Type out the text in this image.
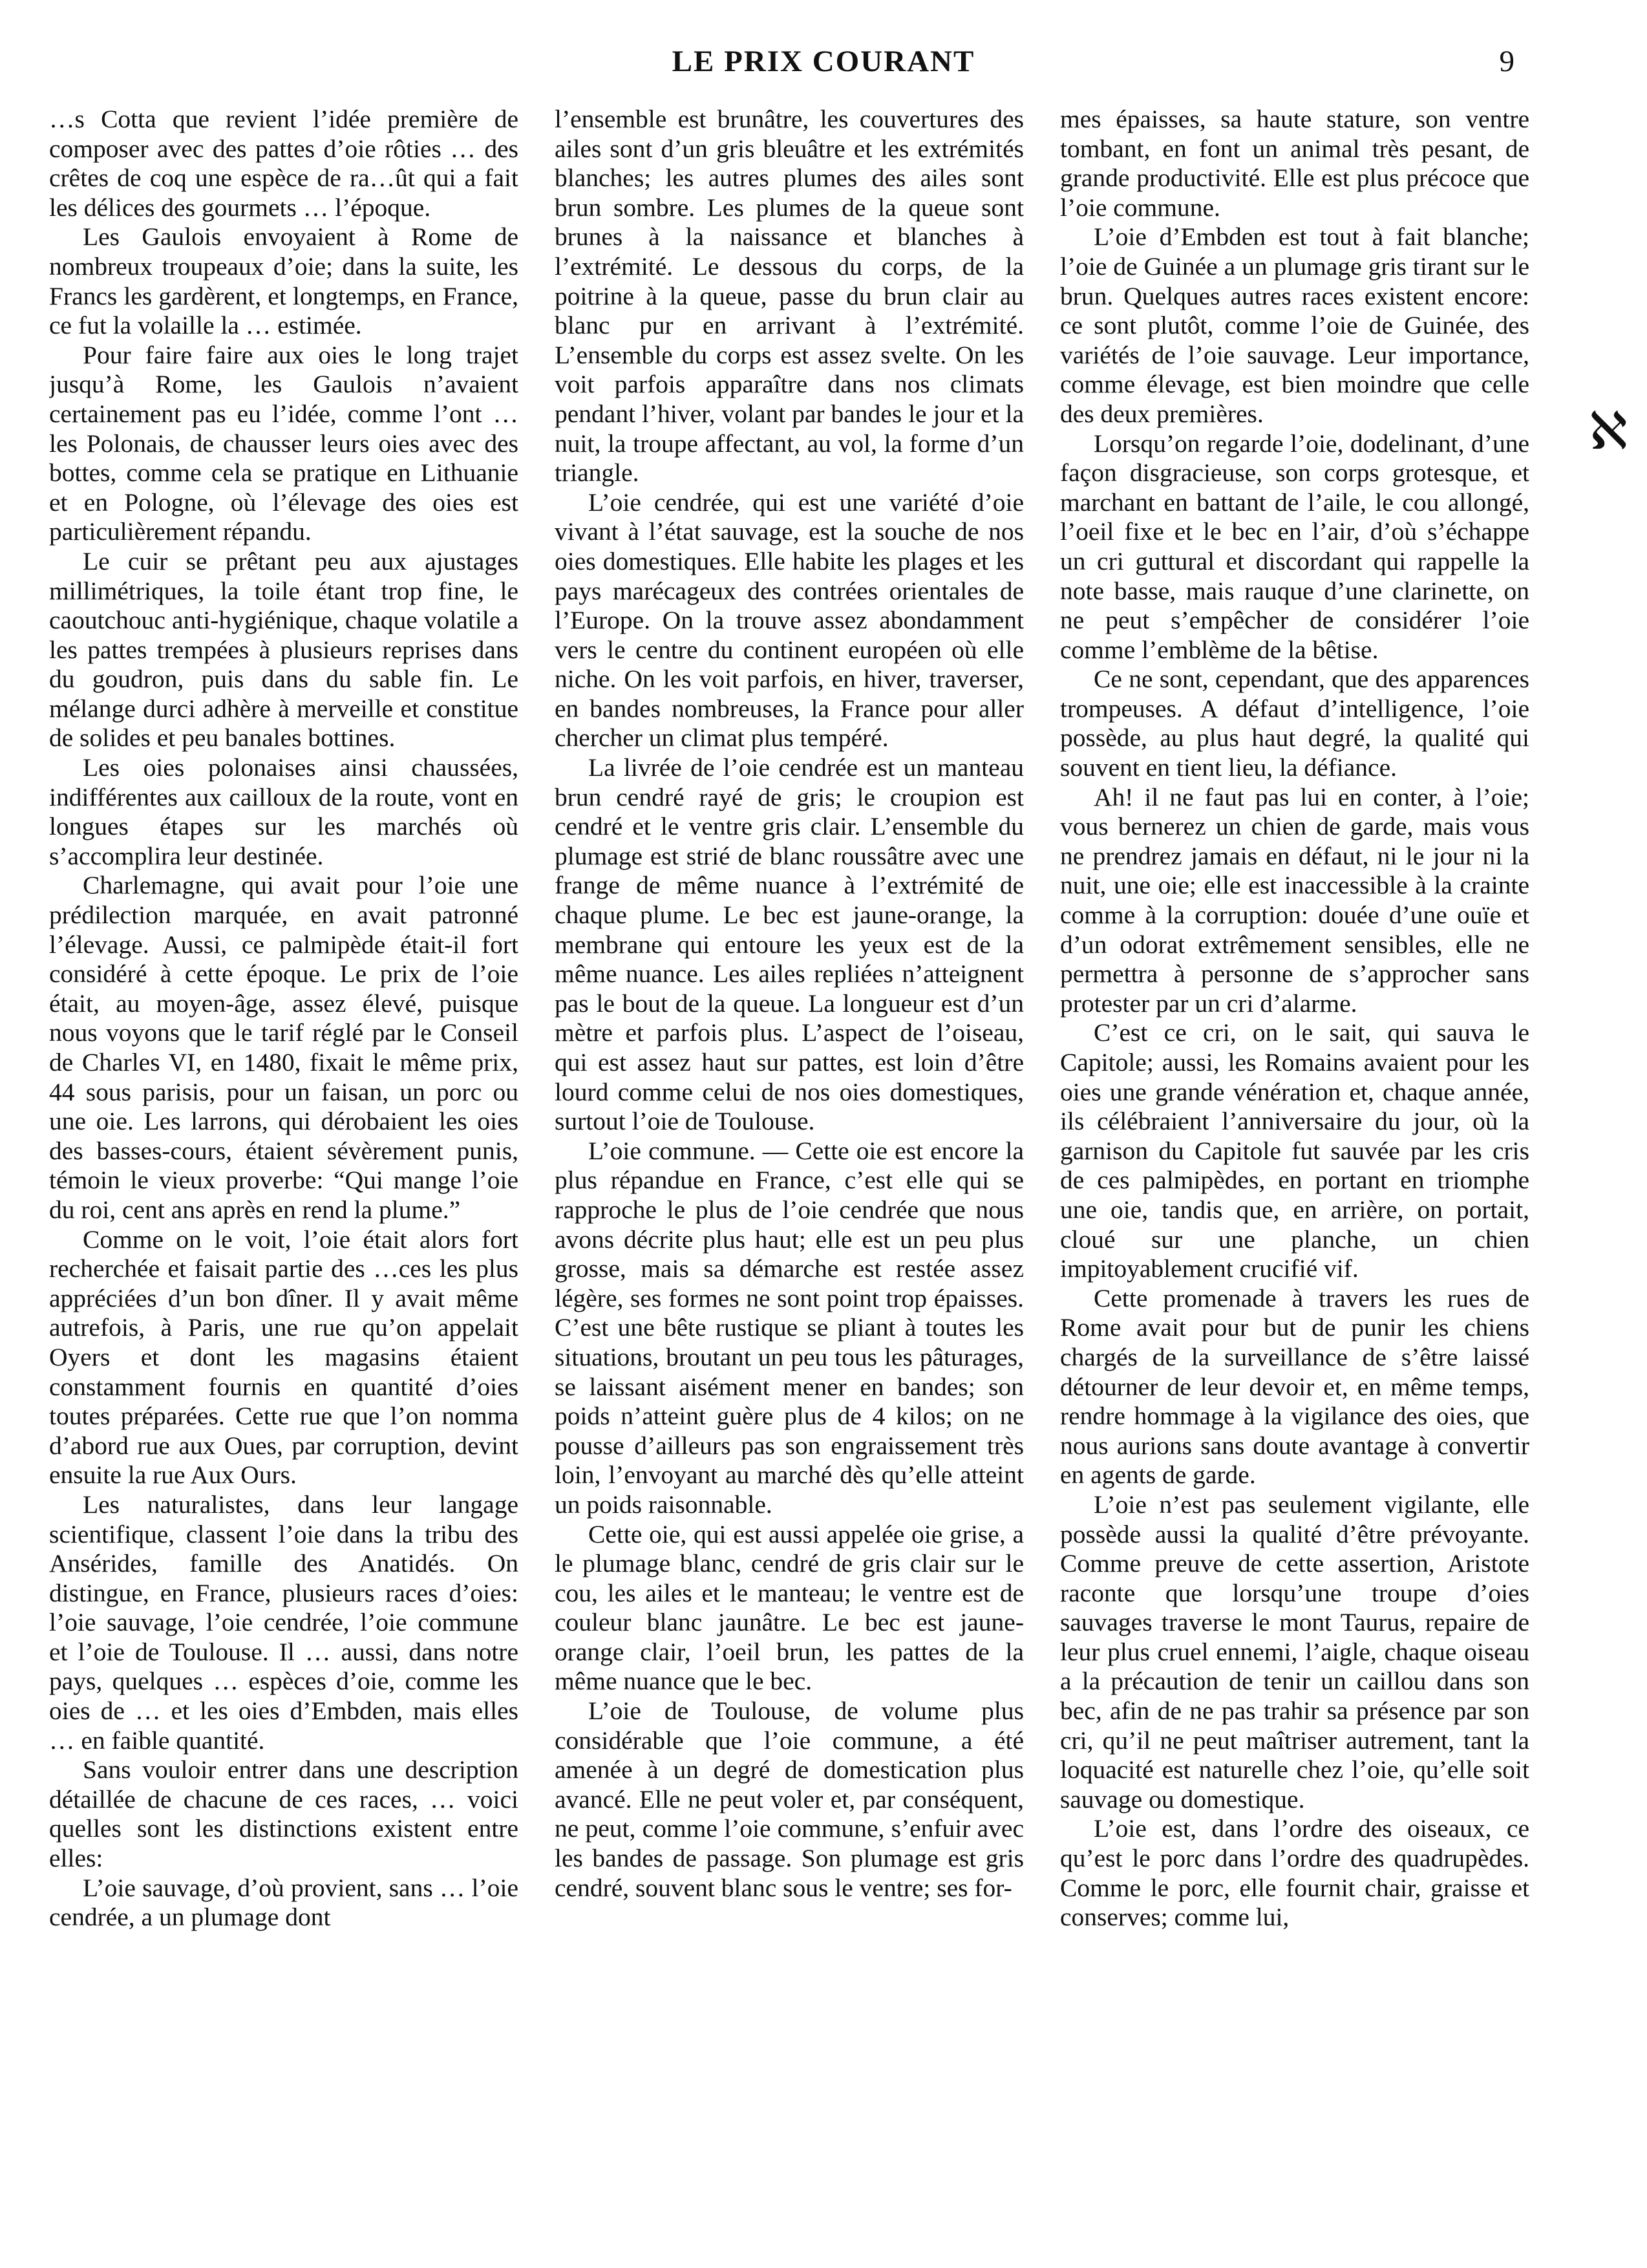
LE PRIX COURANT	9
ℵ

…s Cotta que revient l’idée première de composer avec des pattes d’oie rôties … des crêtes de coq une espèce de ra…ût qui a fait les délices des gourmets … l’époque.

Les Gaulois envoyaient à Rome de nombreux troupeaux d’oie; dans la suite, les Francs les gardèrent, et longtemps, en France, ce fut la volaille la … estimée.

Pour faire faire aux oies le long trajet jusqu’à Rome, les Gaulois n’avaient certainement pas eu l’idée, comme l’ont … les Polonais, de chausser leurs oies avec des bottes, comme cela se pratique en Lithuanie et en Pologne, où l’élevage des oies est particulièrement répandu.

Le cuir se prêtant peu aux ajustages millimétriques, la toile étant trop fine, le caoutchouc anti-hygiénique, chaque volatile a les pattes trempées à plusieurs reprises dans du goudron, puis dans du sable fin. Le mélange durci adhère à merveille et constitue de solides et peu banales bottines.

Les oies polonaises ainsi chaussées, indifférentes aux cailloux de la route, vont en longues étapes sur les marchés où s’accomplira leur destinée.

Charlemagne, qui avait pour l’oie une prédilection marquée, en avait patronné l’élevage. Aussi, ce palmipède était-il fort considéré à cette époque. Le prix de l’oie était, au moyen-âge, assez élevé, puisque nous voyons que le tarif réglé par le Conseil de Charles VI, en 1480, fixait le même prix, 44 sous parisis, pour un faisan, un porc ou une oie. Les larrons, qui dérobaient les oies des basses-cours, étaient sévèrement punis, témoin le vieux proverbe: “Qui mange l’oie du roi, cent ans après en rend la plume.”

Comme on le voit, l’oie était alors fort recherchée et faisait partie des …ces les plus appréciées d’un bon dîner. Il y avait même autrefois, à Paris, une rue qu’on appelait Oyers et dont les magasins étaient constamment fournis en quantité d’oies toutes préparées. Cette rue que l’on nomma d’abord rue aux Oues, par corruption, devint ensuite la rue Aux Ours.

Les naturalistes, dans leur langage scientifique, classent l’oie dans la tribu des Ansérides, famille des Anatidés. On distingue, en France, plusieurs races d’oies: l’oie sauvage, l’oie cendrée, l’oie commune et l’oie de Toulouse. Il … aussi, dans notre pays, quelques … espèces d’oie, comme les oies de … et les oies d’Embden, mais elles … en faible quantité.

Sans vouloir entrer dans une description détaillée de chacune de ces races, … voici quelles sont les distinctions existent entre elles:

L’oie sauvage, d’où provient, sans … l’oie cendrée, a un plumage dont

l’ensemble est brunâtre, les couvertures des ailes sont d’un gris bleuâtre et les extrémités blanches; les autres plumes des ailes sont brun sombre. Les plumes de la queue sont brunes à la naissance et blanches à l’extrémité. Le dessous du corps, de la poitrine à la queue, passe du brun clair au blanc pur en arrivant à l’extrémité. L’ensemble du corps est assez svelte. On les voit parfois apparaître dans nos climats pendant l’hiver, volant par bandes le jour et la nuit, la troupe affectant, au vol, la forme d’un triangle.

L’oie cendrée, qui est une variété d’oie vivant à l’état sauvage, est la souche de nos oies domestiques. Elle habite les plages et les pays marécageux des contrées orientales de l’Europe. On la trouve assez abondamment vers le centre du continent européen où elle niche. On les voit parfois, en hiver, traverser, en bandes nombreuses, la France pour aller chercher un climat plus tempéré.

La livrée de l’oie cendrée est un manteau brun cendré rayé de gris; le croupion est cendré et le ventre gris clair. L’ensemble du plumage est strié de blanc roussâtre avec une frange de même nuance à l’extrémité de chaque plume. Le bec est jaune-orange, la membrane qui entoure les yeux est de la même nuance. Les ailes repliées n’atteignent pas le bout de la queue. La longueur est d’un mètre et parfois plus. L’aspect de l’oiseau, qui est assez haut sur pattes, est loin d’être lourd comme celui de nos oies domestiques, surtout l’oie de Toulouse.

L’oie commune. — Cette oie est encore la plus répandue en France, c’est elle qui se rapproche le plus de l’oie cendrée que nous avons décrite plus haut; elle est un peu plus grosse, mais sa démarche est restée assez légère, ses formes ne sont point trop épaisses. C’est une bête rustique se pliant à toutes les situations, broutant un peu tous les pâturages, se laissant aisément mener en bandes; son poids n’atteint guère plus de 4 kilos; on ne pousse d’ailleurs pas son engraissement très loin, l’envoyant au marché dès qu’elle atteint un poids raisonnable.

Cette oie, qui est aussi appelée oie grise, a le plumage blanc, cendré de gris clair sur le cou, les ailes et le manteau; le ventre est de couleur blanc jaunâtre. Le bec est jaune-orange clair, l’oeil brun, les pattes de la même nuance que le bec.

L’oie de Toulouse, de volume plus considérable que l’oie commune, a été amenée à un degré de domestication plus avancé. Elle ne peut voler et, par conséquent, ne peut, comme l’oie commune, s’enfuir avec les bandes de passage. Son plumage est gris cendré, souvent blanc sous le ventre; ses for-

mes épaisses, sa haute stature, son ventre tombant, en font un animal très pesant, de grande productivité. Elle est plus précoce que l’oie commune.

L’oie d’Embden est tout à fait blanche; l’oie de Guinée a un plumage gris tirant sur le brun. Quelques autres races existent encore: ce sont plutôt, comme l’oie de Guinée, des variétés de l’oie sauvage. Leur importance, comme élevage, est bien moindre que celle des deux premières.

Lorsqu’on regarde l’oie, dodelinant, d’une façon disgracieuse, son corps grotesque, et marchant en battant de l’aile, le cou allongé, l’oeil fixe et le bec en l’air, d’où s’échappe un cri guttural et discordant qui rappelle la note basse, mais rauque d’une clarinette, on ne peut s’empêcher de considérer l’oie comme l’emblème de la bêtise.

Ce ne sont, cependant, que des apparences trompeuses. A défaut d’intelligence, l’oie possède, au plus haut degré, la qualité qui souvent en tient lieu, la défiance.

Ah! il ne faut pas lui en conter, à l’oie; vous bernerez un chien de garde, mais vous ne prendrez jamais en défaut, ni le jour ni la nuit, une oie; elle est inaccessible à la crainte comme à la corruption: douée d’une ouïe et d’un odorat extrêmement sensibles, elle ne permettra à personne de s’approcher sans protester par un cri d’alarme.

C’est ce cri, on le sait, qui sauva le Capitole; aussi, les Romains avaient pour les oies une grande vénération et, chaque année, ils célébraient l’anniversaire du jour, où la garnison du Capitole fut sauvée par les cris de ces palmipèdes, en portant en triomphe une oie, tandis que, en arrière, on portait, cloué sur une planche, un chien impitoyablement crucifié vif.

Cette promenade à travers les rues de Rome avait pour but de punir les chiens chargés de la surveillance de s’être laissé détourner de leur devoir et, en même temps, rendre hommage à la vigilance des oies, que nous aurions sans doute avantage à convertir en agents de garde.

L’oie n’est pas seulement vigilante, elle possède aussi la qualité d’être prévoyante. Comme preuve de cette assertion, Aristote raconte que lorsqu’une troupe d’oies sauvages traverse le mont Taurus, repaire de leur plus cruel ennemi, l’aigle, chaque oiseau a la précaution de tenir un caillou dans son bec, afin de ne pas trahir sa présence par son cri, qu’il ne peut maîtriser autrement, tant la loquacité est naturelle chez l’oie, qu’elle soit sauvage ou domestique.

L’oie est, dans l’ordre des oiseaux, ce qu’est le porc dans l’ordre des quadrupèdes. Comme le porc, elle fournit chair, graisse et conserves; comme lui,
